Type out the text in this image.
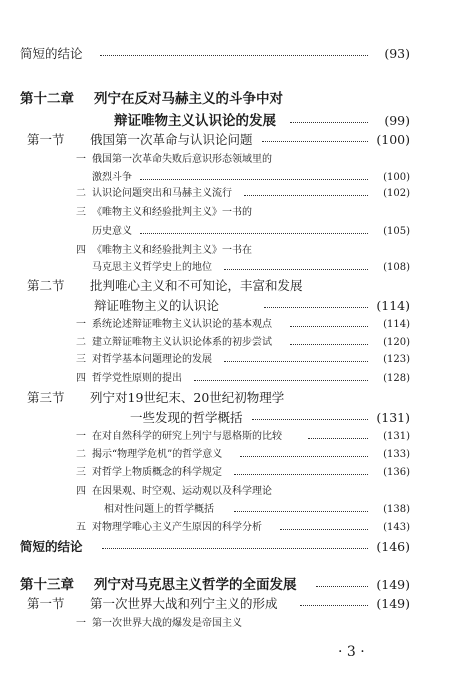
简短的结论	(93)
第十二章 列宁在反对马赫主义的斗争中对
辩证唯物主义认识论的发展	(99)
第一节 俄国第一次革命与认识论问题	(100)
一 俄国第一次革命失败后意识形态领域里的
激烈斗争	(100)
二 认识论问题突出和马赫主义流行	(102)
三 《唯物主义和经验批判主义》一书的
历史意义	(105)
四 《唯物主义和经验批判主义》一书在
马克思主义哲学史上的地位	(108)
第二节 批判唯心主义和不可知论，丰富和发展
辩证唯物主义的认识论	(114)
一 系统论述辩证唯物主义认识论的基本观点	(114)
二 建立辩证唯物主义认识论体系的初步尝试	(120)
三 对哲学基本问题理论的发展	(123)
四 哲学党性原则的提出	(128)
第三节 列宁对19世纪末、20世纪初物理学
一些发现的哲学概括	(131)
一 在对自然科学的研究上列宁与恩格斯的比较	(131)
二 揭示“物理学危机”的哲学意义	(133)
三 对哲学上物质概念的科学规定	(136)
四 在因果观、时空观、运动观以及科学理论
相对性问题上的哲学概括	(138)
五 对物理学唯心主义产生原因的科学分析	(143)
简短的结论	(146)
第十三章 列宁对马克思主义哲学的全面发展	(149)
第一节 第一次世界大战和列宁主义的形成	(149)
一 第一次世界大战的爆发是帝国主义
· 3 ·
